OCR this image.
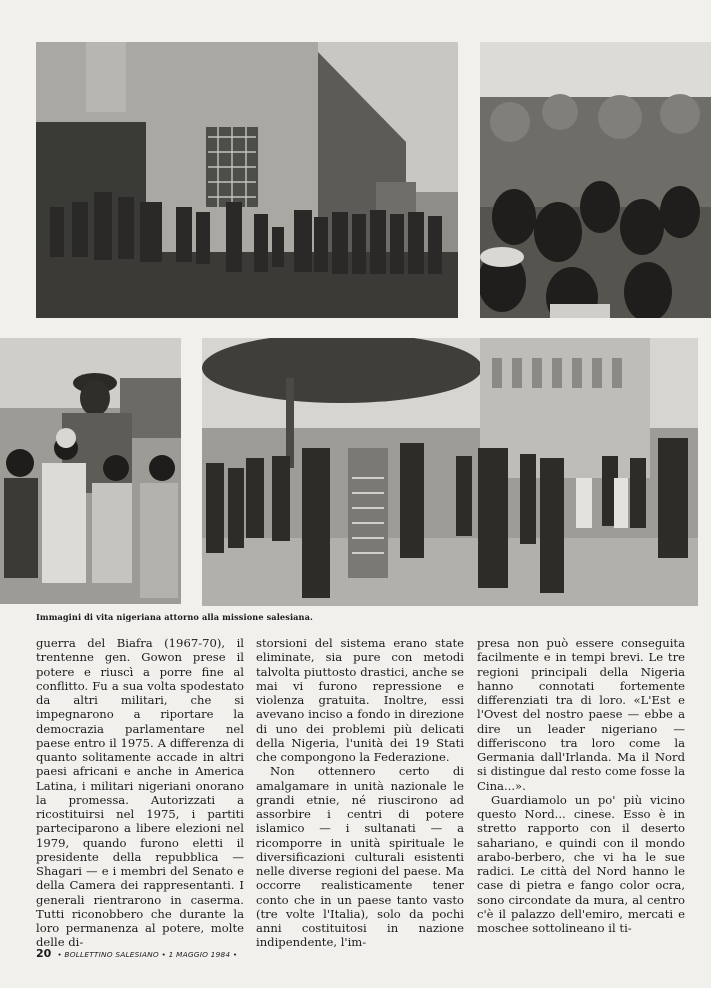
Immagini di vita nigeriana attorno alla missione salesiana.

guerra del Biafra (1967-70), il trentenne gen. Gowon prese il potere e riuscì a porre fine al conflitto. Fu a sua volta spodestato da altri militari, che si impegnarono a riportare la democrazia parlamentare nel paese entro il 1975. A differenza di quanto solitamente accade in altri paesi africani e anche in America Latina, i militari nigeriani onorano la promessa. Autorizzati a ricostituirsi nel 1975, i partiti parteciparono a libere elezioni nel 1979, quando furono eletti il presidente della repubblica — Shagari — e i membri del Senato e della Camera dei rappresentanti. I generali rientrarono in caserma. Tutti riconobbero che durante la loro permanenza al potere, molte delle di-

storsioni del sistema erano state eliminate, sia pure con metodi talvolta piuttosto drastici, anche se mai vi furono repressione e violenza gratuita. Inoltre, essi avevano inciso a fondo in direzione di uno dei problemi più delicati della Nigeria, l'unità dei 19 Stati che compongono la Federazione.

Non ottennero certo di amalgamare in unità nazionale le grandi etnie, né riuscirono ad assorbire i centri di potere islamico — i sultanati — a ricomporre in unità spirituale le diversificazioni culturali esistenti nelle diverse regioni del paese. Ma occorre realisticamente tener conto che in un paese tanto vasto (tre volte l'Italia), solo da pochi anni costituitosi in nazione indipendente, l'im-

presa non può essere conseguita facilmente e in tempi brevi. Le tre regioni principali della Nigeria hanno connotati fortemente differenziati tra di loro. «L'Est e l'Ovest del nostro paese — ebbe a dire un leader nigeriano — differiscono tra loro come la Germania dall'Irlanda. Ma il Nord si distingue dal resto come fosse la Cina...».

Guardiamolo un po' più vicino questo Nord... cinese. Esso è in stretto rapporto con il deserto sahariano, e quindi con il mondo arabo-berbero, che vi ha le sue radici. Le città del Nord hanno le case di pietra e fango color ocra, sono circondate da mura, al centro c'è il palazzo dell'emiro, mercati e moschee sottolineano il ti-

20 • BOLLETTINO SALESIANO • 1 MAGGIO 1984 •
